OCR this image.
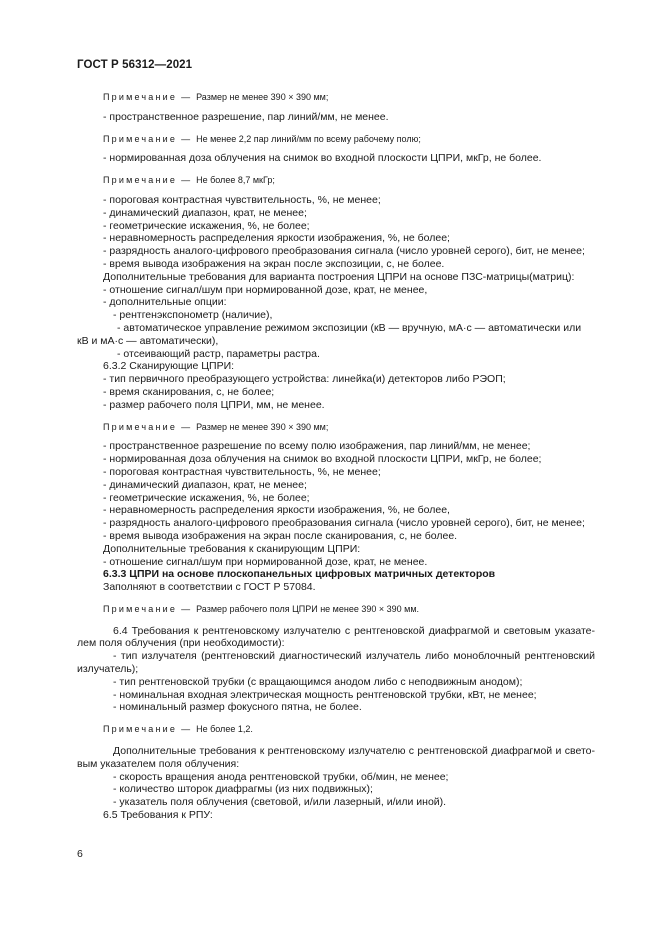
ГОСТ Р 56312—2021
Примечание — Размер не менее 390 × 390 мм;
- пространственное разрешение, пар линий/мм, не менее.
Примечание — Не менее 2,2 пар линий/мм по всему рабочему полю;
- нормированная доза облучения на снимок во входной плоскости ЦПРИ, мкГр, не более.
Примечание — Не более 8,7 мкГр;
- пороговая контрастная чувствительность, %, не менее;
- динамический диапазон, крат, не менее;
- геометрические искажения, %, не более;
- неравномерность распределения яркости изображения, %, не более;
- разрядность аналого-цифрового преобразования сигнала (число уровней серого), бит, не менее;
- время вывода изображения на экран после экспозиции, с, не более.
Дополнительные требования для варианта построения ЦПРИ на основе ПЗС-матрицы(матриц):
- отношение сигнал/шум при нормированной дозе, крат, не менее,
- дополнительные опции:
- рентгенэкспонометр (наличие),
- автоматическое управление режимом экспозиции (кВ — вручную, мА·с — автоматически или
кВ и мА·с — автоматически),
- отсеивающий растр, параметры растра.
6.3.2 Сканирующие ЦПРИ:
- тип первичного преобразующего устройства: линейка(и) детекторов либо РЭОП;
- время сканирования, с, не более;
- размер рабочего поля ЦПРИ, мм, не менее.
Примечание — Размер не менее 390 × 390 мм;
- пространственное разрешение по всему полю изображения, пар линий/мм, не менее;
- нормированная доза облучения на снимок во входной плоскости ЦПРИ, мкГр, не более;
- пороговая контрастная чувствительность, %, не менее;
- динамический диапазон, крат, не менее;
- геометрические искажения, %, не более;
- неравномерность распределения яркости изображения, %, не более,
- разрядность аналого-цифрового преобразования сигнала (число уровней серого), бит, не менее;
- время вывода изображения на экран после сканирования, с, не более.
Дополнительные требования к сканирующим ЦПРИ:
- отношение сигнал/шум при нормированной дозе, крат, не менее.
6.3.3 ЦПРИ на основе плоскопанельных цифровых матричных детекторов
Заполняют в соответствии с ГОСТ Р 57084.
Примечание — Размер рабочего поля ЦПРИ не менее 390 × 390 мм.
6.4 Требования к рентгеновскому излучателю с рентгеновской диафрагмой и световым указате-
лем поля облучения (при необходимости):
- тип излучателя (рентгеновский диагностический излучатель либо моноблочный рентгеновский
излучатель);
- тип рентгеновской трубки (с вращающимся анодом либо с неподвижным анодом);
- номинальная входная электрическая мощность рентгеновской трубки, кВт, не менее;
- номинальный размер фокусного пятна, не более.
Примечание — Не более 1,2.
Дополнительные требования к рентгеновскому излучателю с рентгеновской диафрагмой и свето-
вым указателем поля облучения:
- скорость вращения анода рентгеновской трубки, об/мин, не менее;
- количество шторок диафрагмы (из них подвижных);
- указатель поля облучения (световой, и/или лазерный, и/или иной).
6.5 Требования к РПУ:
6
